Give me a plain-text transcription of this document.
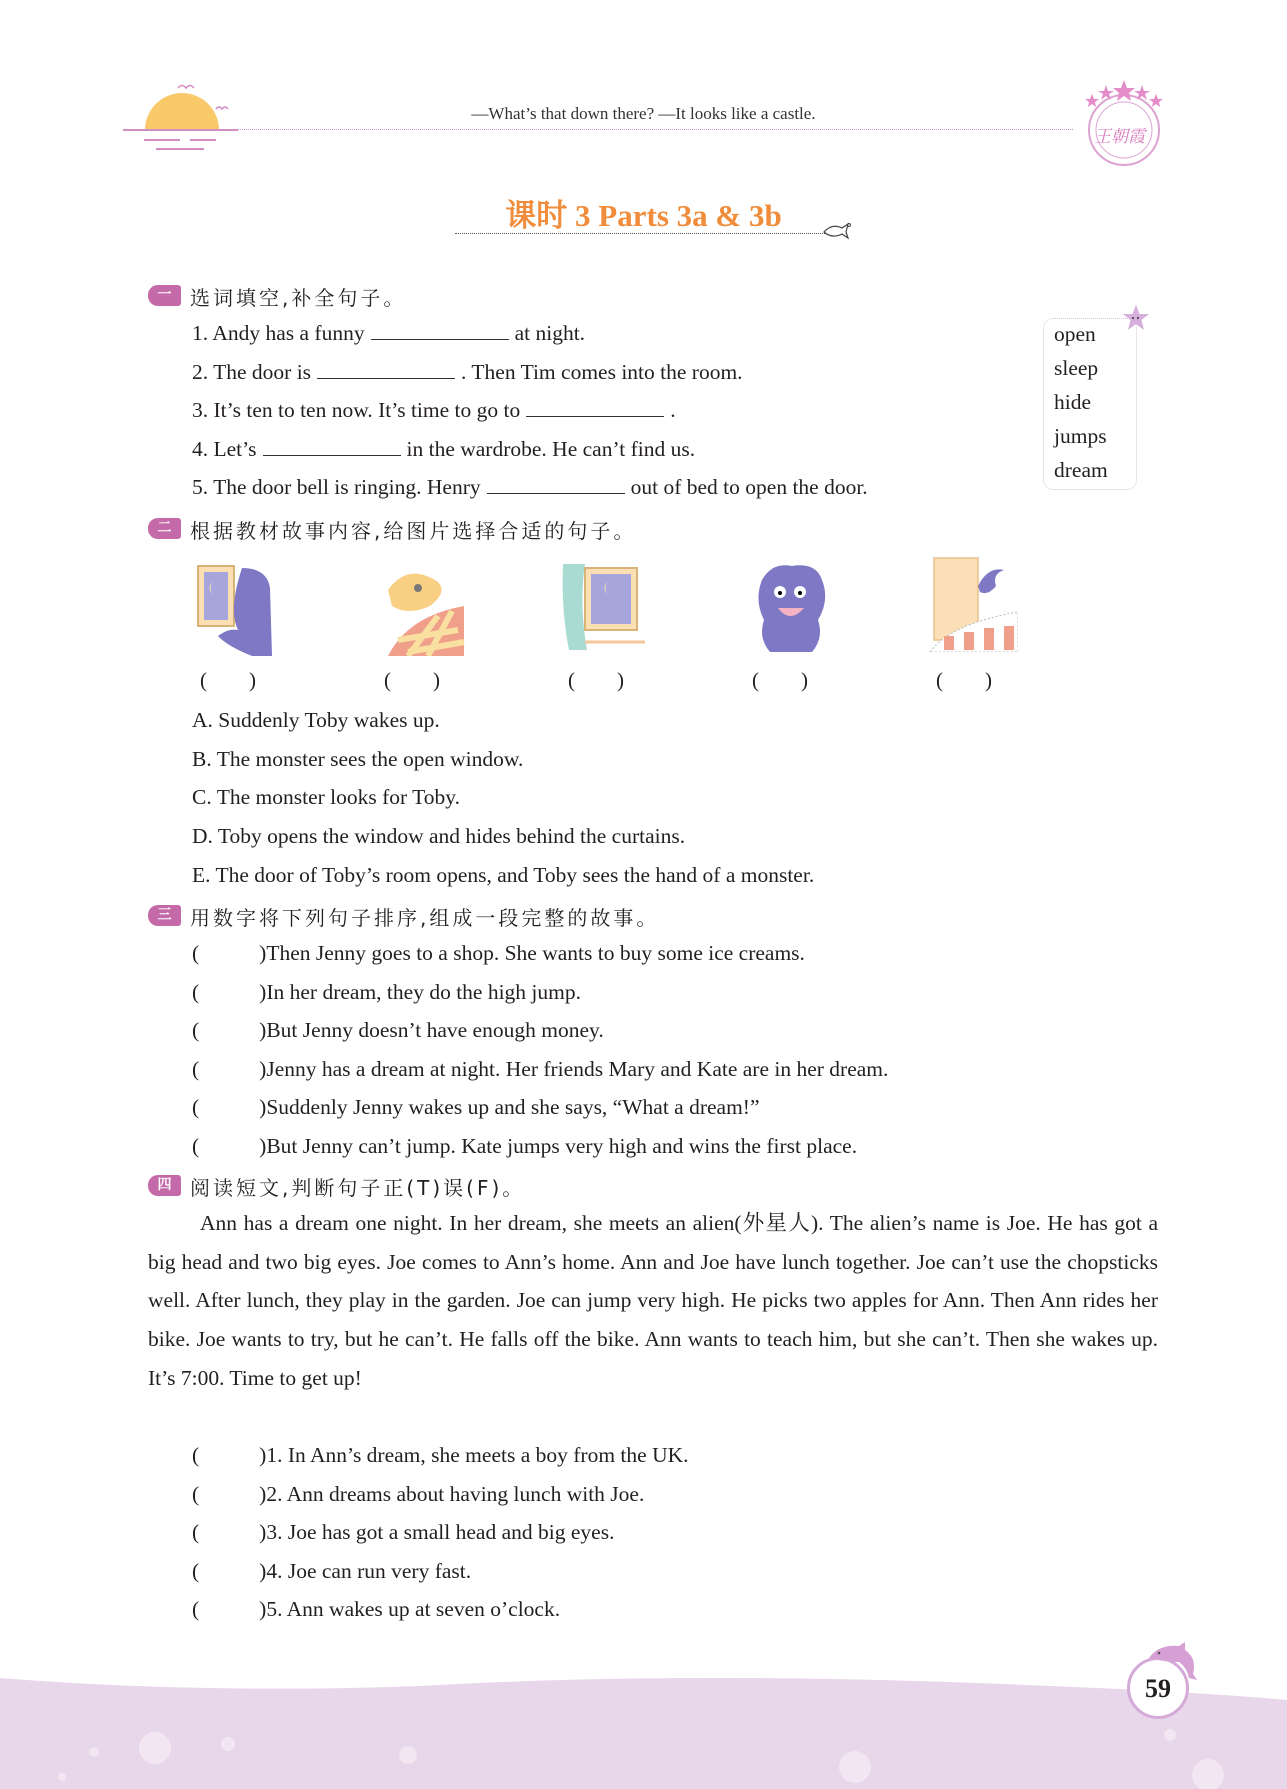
—What’s that down there? —It looks like a castle.
王朝霞
课时 3 Parts 3a & 3b
一 选词填空,补全句子。
1. Andy has a funny	at night.
2. The door is	. Then Tim comes into the room.
3. It’s ten to ten now. It’s time to go to	.
4. Let’s	in the wardrobe. He can’t find us.
5. The door bell is ringing. Henry	out of bed to open the door.
open
sleep
hide
jumps
dream
二 根据教材故事内容,给图片选择合适的句子。
( )	( )	( )	( )	( )
A. Suddenly Toby wakes up.
B. The monster sees the open window.
C. The monster looks for Toby.
D. Toby opens the window and hides behind the curtains.
E. The door of Toby’s room opens, and Toby sees the hand of a monster.
三 用数字将下列句子排序,组成一段完整的故事。
(	)Then Jenny goes to a shop. She wants to buy some ice creams.
(	)In her dream, they do the high jump.
(	)But Jenny doesn’t have enough money.
(	)Jenny has a dream at night. Her friends Mary and Kate are in her dream.
(	)Suddenly Jenny wakes up and she says, “What a dream!”
(	)But Jenny can’t jump. Kate jumps very high and wins the first place.
四 阅读短文,判断句子正(T)误(F)。
Ann has a dream one night. In her dream, she meets an alien(外星人). The alien’s name is Joe. He has got a big head and two big eyes. Joe comes to Ann’s home. Ann and Joe have lunch together. Joe can’t use the chopsticks well. After lunch, they play in the garden. Joe can jump very high. He picks two apples for Ann. Then Ann rides her bike. Joe wants to try, but he can’t. He falls off the bike. Ann wants to teach him, but she can’t. Then she wakes up. It’s 7:00. Time to get up!
(	)1. In Ann’s dream, she meets a boy from the UK.
(	)2. Ann dreams about having lunch with Joe.
(	)3. Joe has got a small head and big eyes.
(	)4. Joe can run very fast.
(	)5. Ann wakes up at seven o’clock.
59
